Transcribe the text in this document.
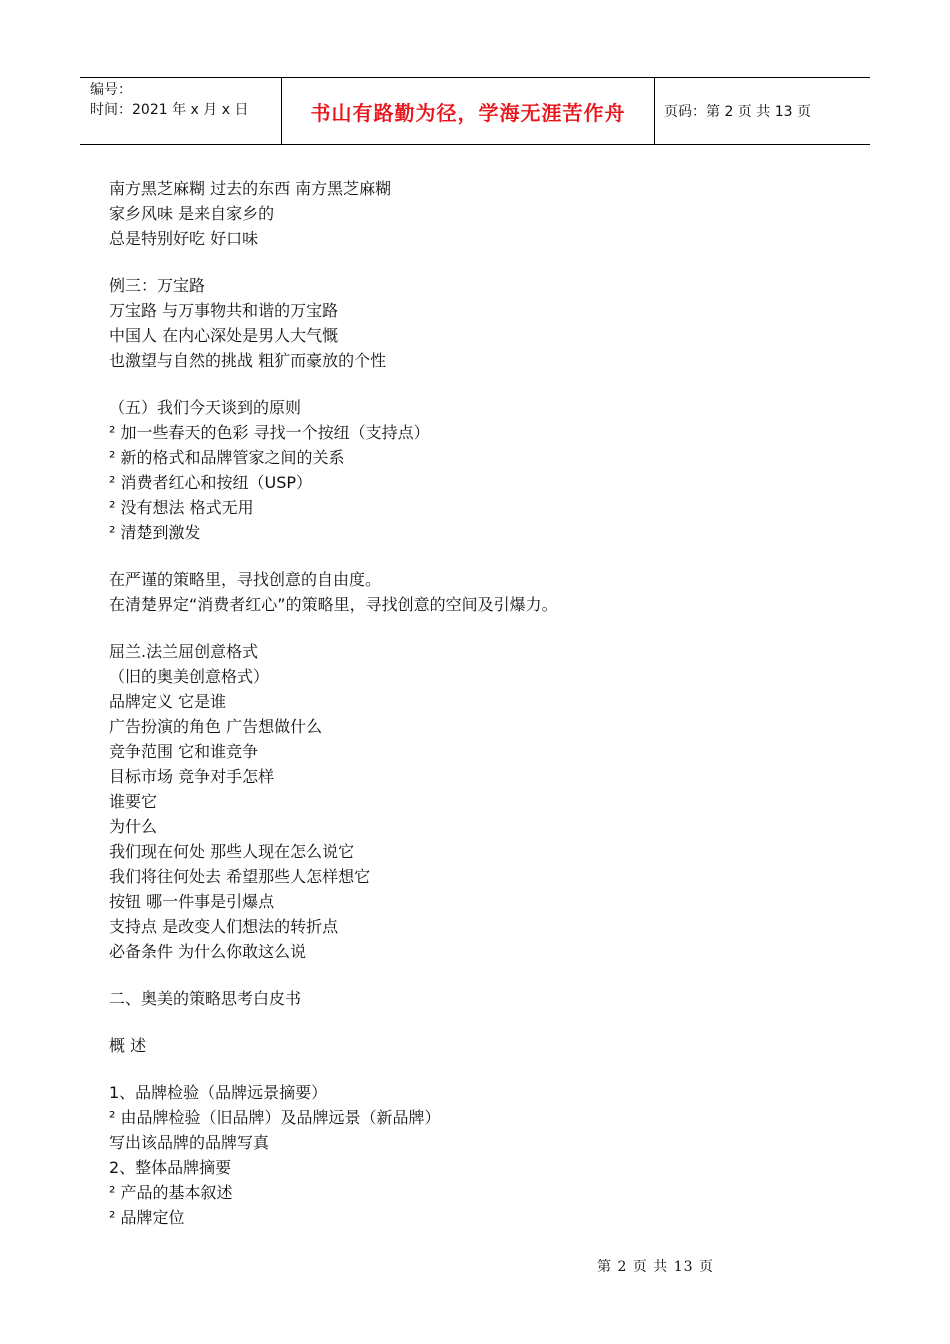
编号：
时间：2021 年 x 月 x 日	书山有路勤为径，学海无涯苦作舟	页码：第 2 页 共 13 页
南方黑芝麻糊 过去的东西 南方黑芝麻糊
家乡风味 是来自家乡的
总是特别好吃 好口味
例三：万宝路
万宝路 与万事物共和谐的万宝路
中国人 在内心深处是男人大气慨
也激望与自然的挑战 粗犷而豪放的个性
（五）我们今天谈到的原则
² 加一些春天的色彩 寻找一个按纽（支持点）
² 新的格式和品牌管家之间的关系
² 消费者红心和按纽（USP）
² 没有想法 格式无用
² 清楚到激发
在严谨的策略里，寻找创意的自由度。
在清楚界定“消费者红心”的策略里，寻找创意的空间及引爆力。
屈兰.法兰屈创意格式
（旧的奥美创意格式）
品牌定义 它是谁
广告扮演的角色 广告想做什么
竞争范围 它和谁竞争
目标市场 竞争对手怎样
谁要它
为什么
我们现在何处 那些人现在怎么说它
我们将往何处去 希望那些人怎样想它
按钮 哪一件事是引爆点
支持点 是改变人们想法的转折点
必备条件 为什么你敢这么说
二、奥美的策略思考白皮书
概 述
1、品牌检验（品牌远景摘要）
² 由品牌检验（旧品牌）及品牌远景（新品牌）
写出该品牌的品牌写真
2、整体品牌摘要
² 产品的基本叙述
² 品牌定位
第 2 页 共 13 页
